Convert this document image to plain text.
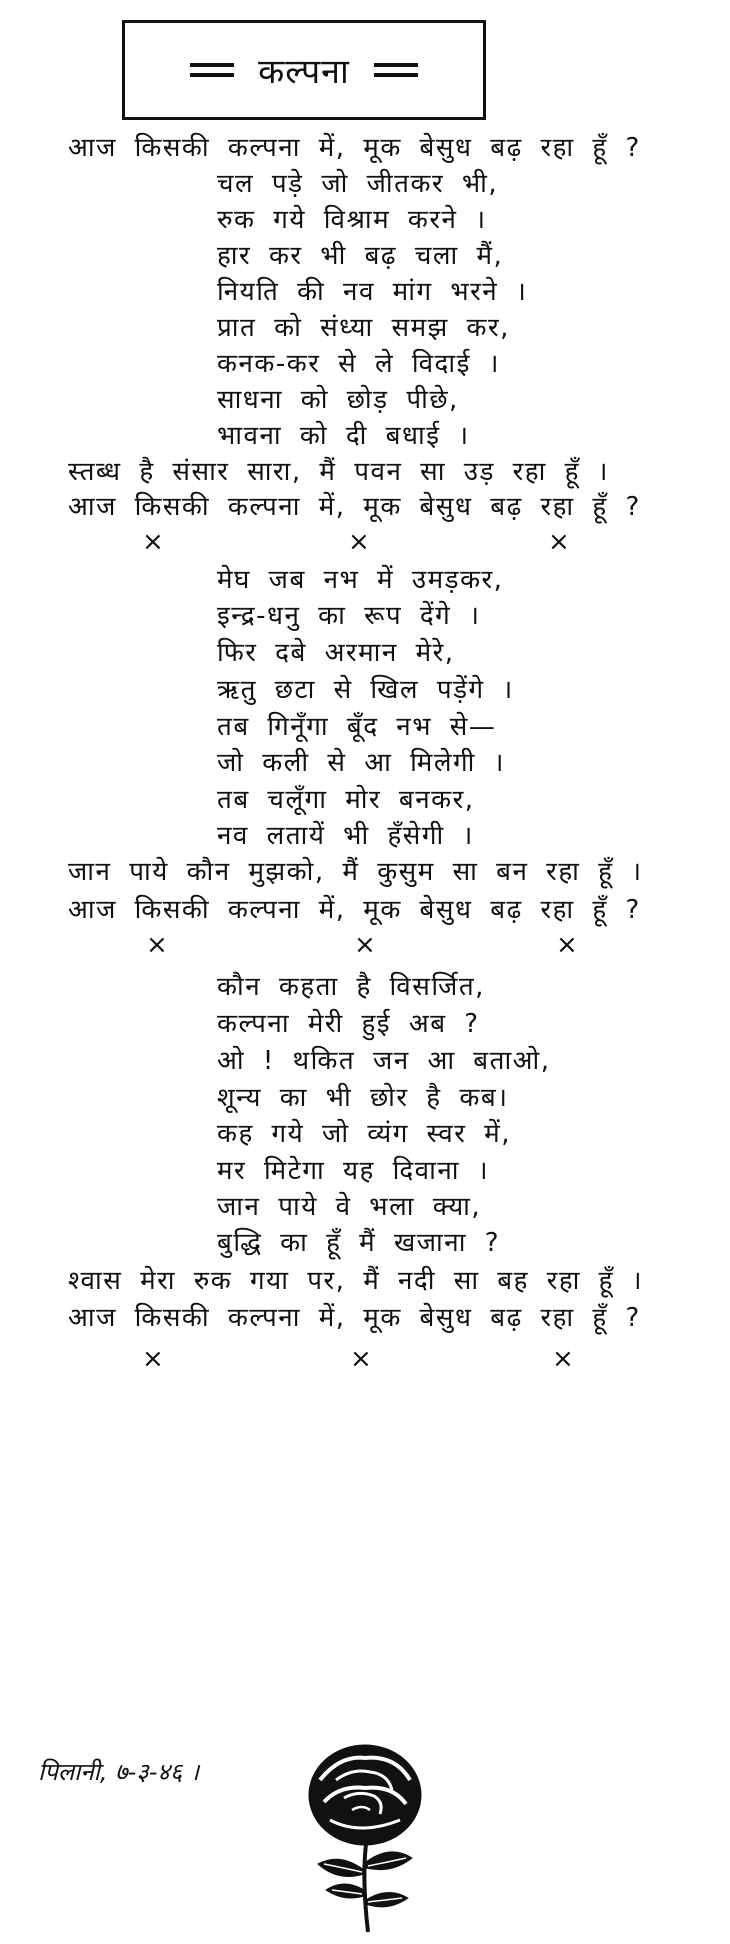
कल्पना
आज किसकी कल्पना में, मूक बेसुध बढ़ रहा हूँ ?
चल पड़े जो जीतकर भी,
रुक गये विश्राम करने ।
हार कर भी बढ़ चला मैं,
नियति की नव मांग भरने ।
प्रात को संध्या समझ कर,
कनक-कर से ले विदाई ।
साधना को छोड़ पीछे,
भावना को दी बधाई ।
स्तब्ध है संसार सारा, मैं पवन सा उड़ रहा हूँ ।
आज किसकी कल्पना में, मूक बेसुध बढ़ रहा हूँ ?
×	×	×
मेघ जब नभ में उमड़कर,
इन्द्र-धनु का रूप देंगे ।
फिर दबे अरमान मेरे,
ऋतु छटा से खिल पड़ेंगे ।
तब गिनूँगा बूँद नभ से—
जो कली से आ मिलेगी ।
तब चलूँगा मोर बनकर,
नव लतायें भी हँसेगी ।
जान पाये कौन मुझको, मैं कुसुम सा बन रहा हूँ ।
आज किसकी कल्पना में, मूक बेसुध बढ़ रहा हूँ ?
×	×	×
कौन कहता है विसर्जित,
कल्पना मेरी हुई अब ?
ओ ! थकित जन आ बताओ,
शून्य का भी छोर है कब।
कह गये जो व्यंग स्वर में,
मर मिटेगा यह दिवाना ।
जान पाये वे भला क्या,
बुद्धि का हूँ मैं खजाना ?
श्वास मेरा रुक गया पर, मैं नदी सा बह रहा हूँ ।
आज किसकी कल्पना में, मूक बेसुध बढ़ रहा हूँ ?
×	×	×
पिलानी, ७-३-४६ ।
